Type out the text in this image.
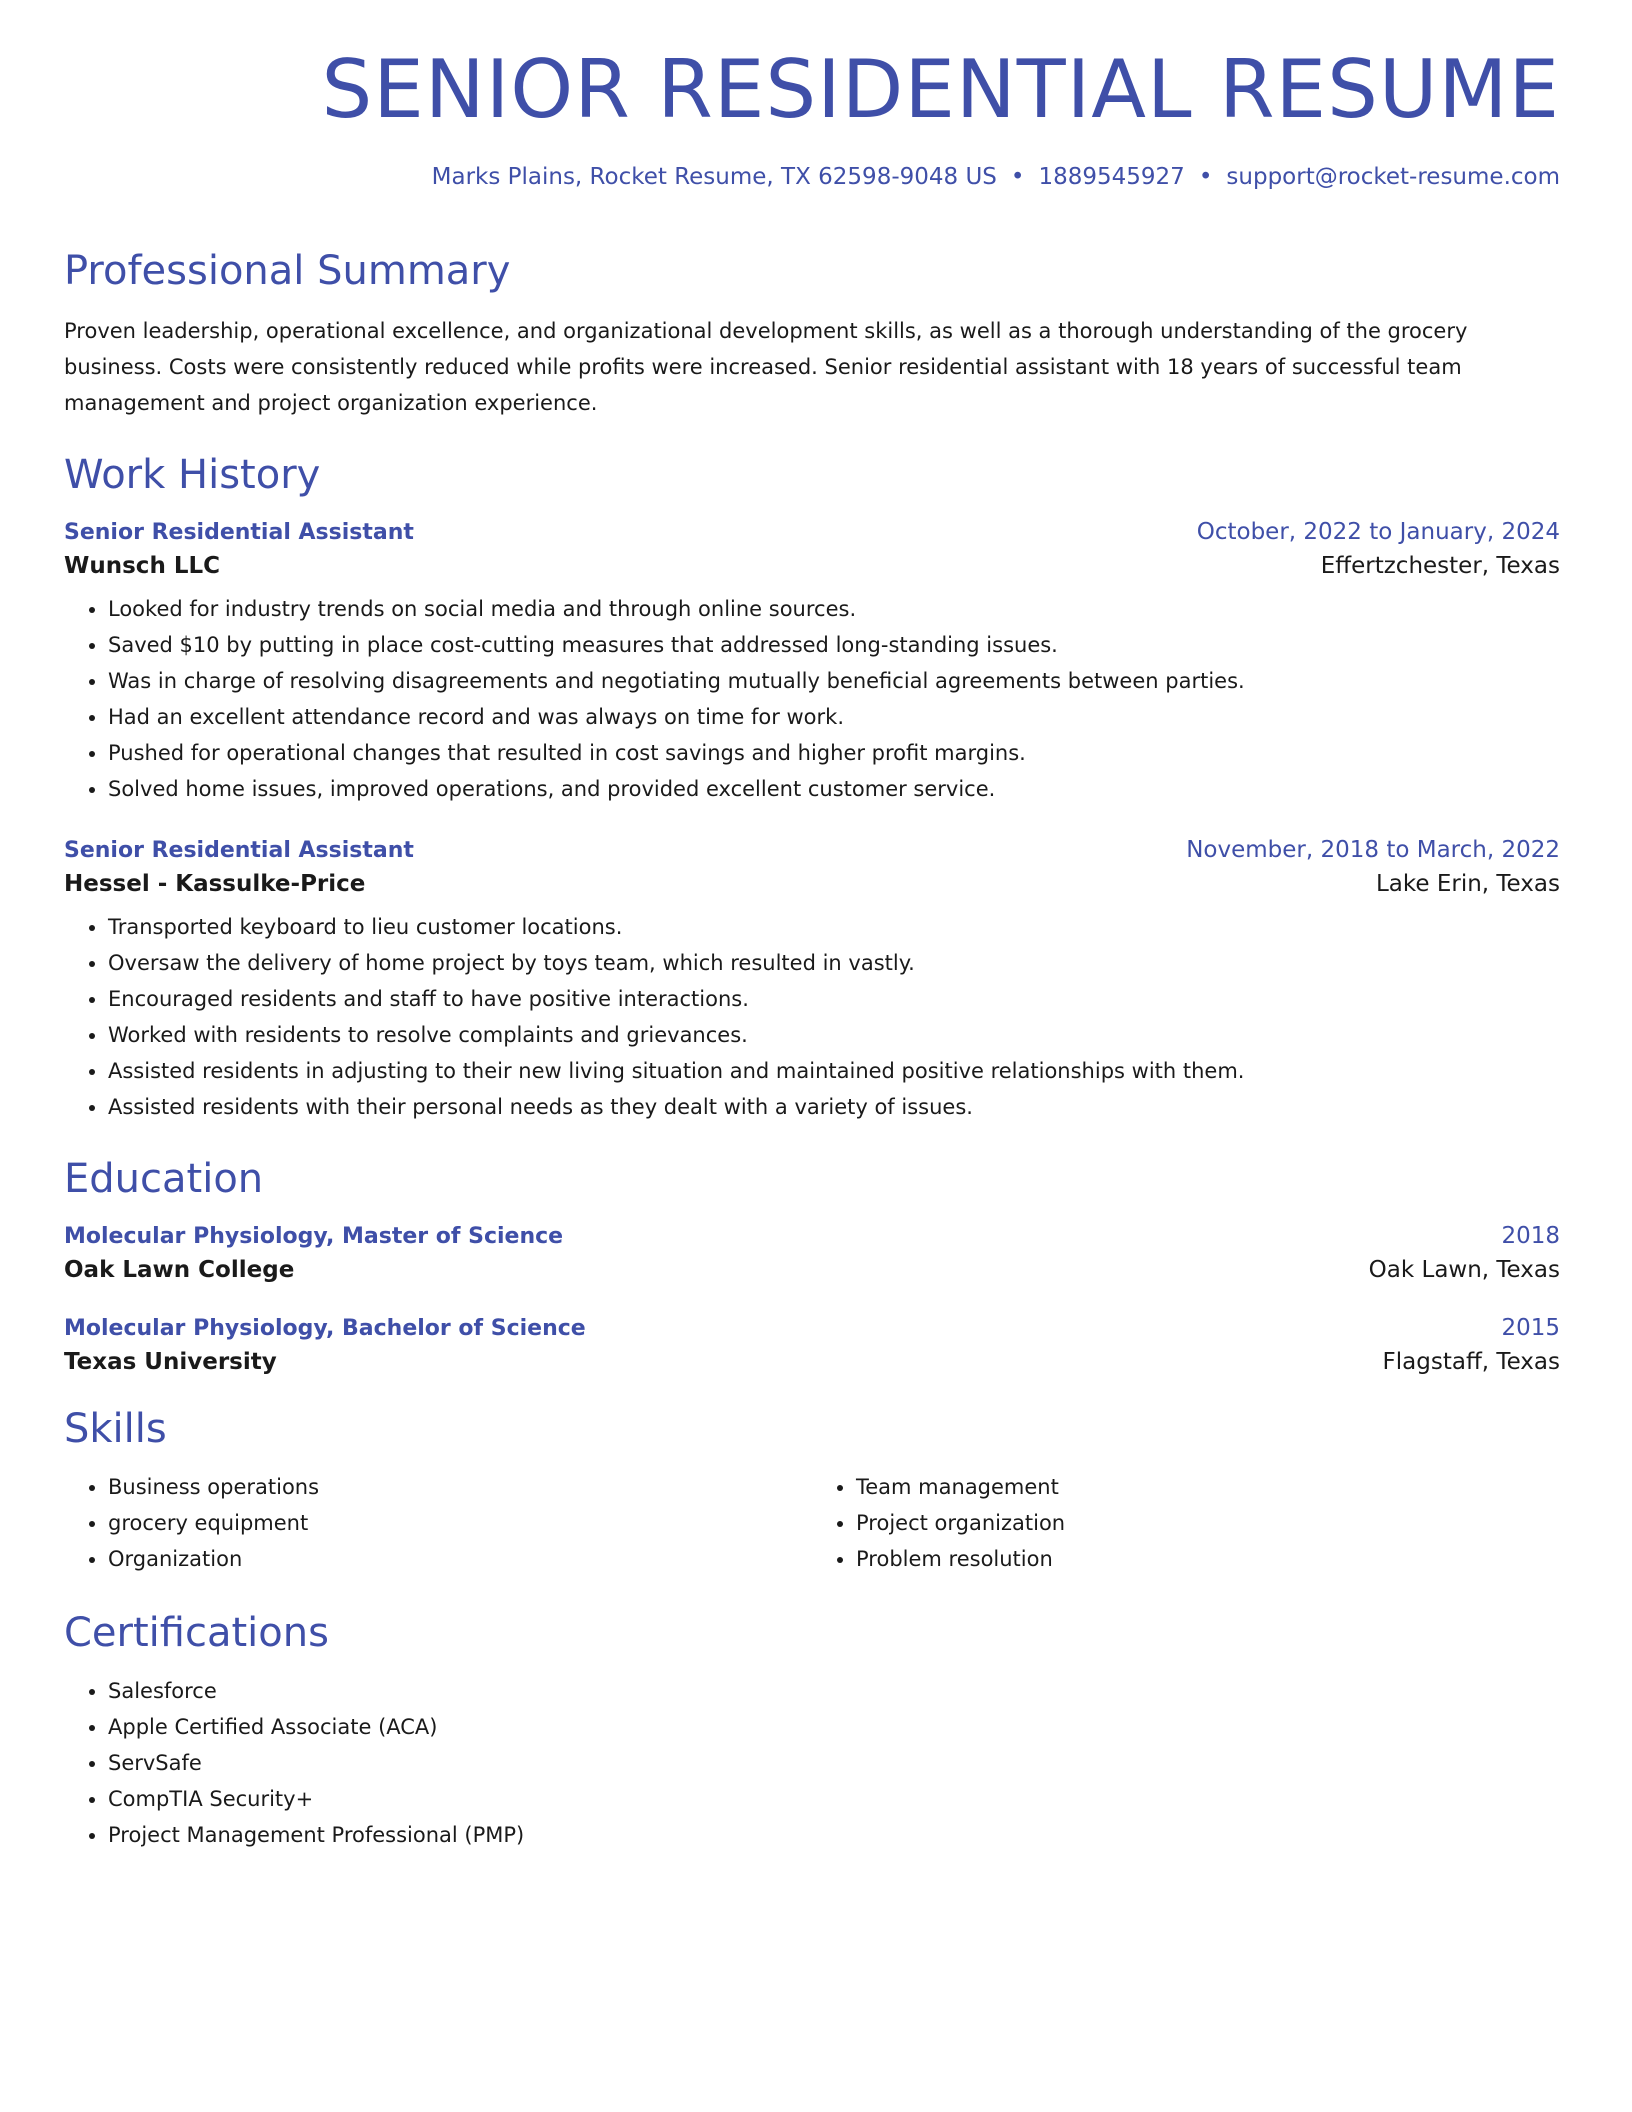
SENIOR RESIDENTIAL RESUME
Marks Plains, Rocket Resume, TX 62598-9048 US • 1889545927 • support@rocket-resume.com
Professional Summary
Proven leadership, operational excellence, and organizational development skills, as well as a thorough understanding of the grocery business. Costs were consistently reduced while profits were increased. Senior residential assistant with 18 years of successful team management and project organization experience.
Work History
Senior Residential Assistant	October, 2022 to January, 2024
Wunsch LLC	Effertzchester, Texas
• Looked for industry trends on social media and through online sources.
• Saved $10 by putting in place cost-cutting measures that addressed long-standing issues.
• Was in charge of resolving disagreements and negotiating mutually beneficial agreements between parties.
• Had an excellent attendance record and was always on time for work.
• Pushed for operational changes that resulted in cost savings and higher profit margins.
• Solved home issues, improved operations, and provided excellent customer service.
Senior Residential Assistant	November, 2018 to March, 2022
Hessel - Kassulke-Price	Lake Erin, Texas
• Transported keyboard to lieu customer locations.
• Oversaw the delivery of home project by toys team, which resulted in vastly.
• Encouraged residents and staff to have positive interactions.
• Worked with residents to resolve complaints and grievances.
• Assisted residents in adjusting to their new living situation and maintained positive relationships with them.
• Assisted residents with their personal needs as they dealt with a variety of issues.
Education
Molecular Physiology, Master of Science	2018
Oak Lawn College	Oak Lawn, Texas
Molecular Physiology, Bachelor of Science	2015
Texas University	Flagstaff, Texas
Skills
• Business operations
• grocery equipment
• Organization
• Team management
• Project organization
• Problem resolution
Certifications
• Salesforce
• Apple Certified Associate (ACA)
• ServSafe
• CompTIA Security+
• Project Management Professional (PMP)
